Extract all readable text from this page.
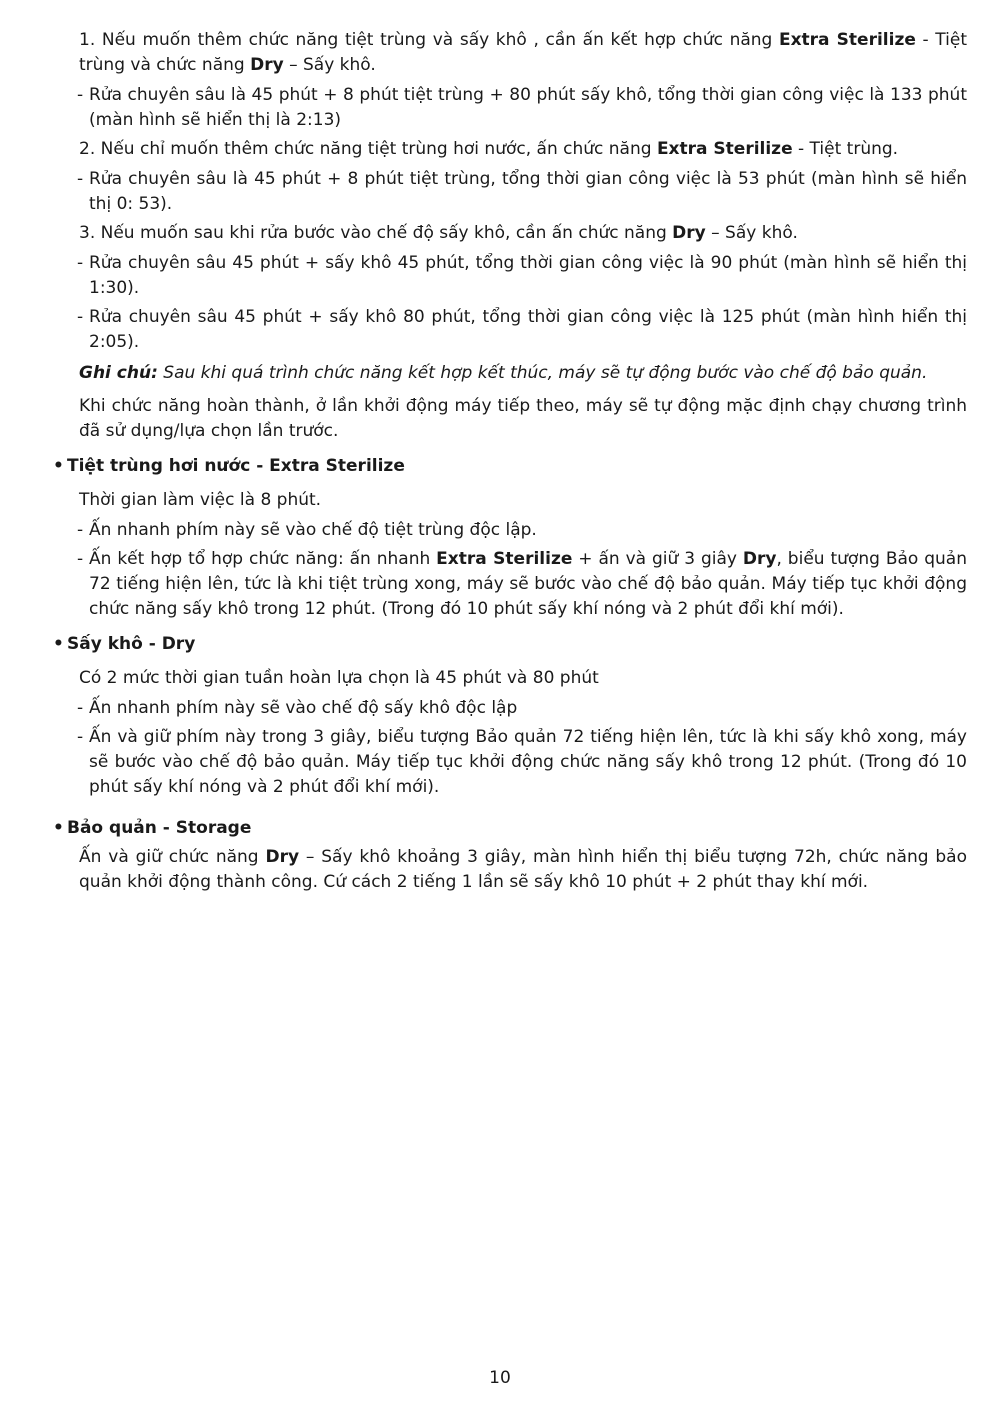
1. Nếu muốn thêm chức năng tiệt trùng và sấy khô , cần ấn kết hợp chức năng Extra Sterilize - Tiệt trùng và chức năng Dry – Sấy khô.

- Rửa chuyên sâu là 45 phút + 8 phút tiệt trùng + 80 phút sấy khô, tổng thời gian công việc là 133 phút (màn hình sẽ hiển thị là 2:13)

2. Nếu chỉ muốn thêm chức năng tiệt trùng hơi nước, ấn chức năng Extra Sterilize - Tiệt trùng.

- Rửa chuyên sâu là 45 phút + 8 phút tiệt trùng, tổng thời gian công việc là 53 phút (màn hình sẽ hiển thị 0: 53).

3. Nếu muốn sau khi rửa bước vào chế độ sấy khô, cần ấn chức năng Dry – Sấy khô.

- Rửa chuyên sâu 45 phút + sấy khô 45 phút, tổng thời gian công việc là 90 phút (màn hình sẽ hiển thị 1:30).

- Rửa chuyên sâu 45 phút + sấy khô 80 phút, tổng thời gian công việc là 125 phút (màn hình hiển thị 2:05).

Ghi chú: Sau khi quá trình chức năng kết hợp kết thúc, máy sẽ tự động bước vào chế độ bảo quản.

Khi chức năng hoàn thành, ở lần khởi động máy tiếp theo, máy sẽ tự động mặc định chạy chương trình đã sử dụng/lựa chọn lần trước.

• Tiệt trùng hơi nước - Extra Sterilize

Thời gian làm việc là 8 phút.

- Ấn nhanh phím này sẽ vào chế độ tiệt trùng độc lập.

- Ấn kết hợp tổ hợp chức năng: ấn nhanh Extra Sterilize + ấn và giữ 3 giây Dry, biểu tượng Bảo quản 72 tiếng hiện lên, tức là khi tiệt trùng xong, máy sẽ bước vào chế độ bảo quản. Máy tiếp tục khởi động chức năng sấy khô trong 12 phút. (Trong đó 10 phút sấy khí nóng và 2 phút đổi khí mới).

• Sấy khô - Dry

Có 2 mức thời gian tuần hoàn lựa chọn là 45 phút và 80 phút

- Ấn nhanh phím này sẽ vào chế độ sấy khô độc lập

- Ấn và giữ phím này trong 3 giây, biểu tượng Bảo quản 72 tiếng hiện lên, tức là khi sấy khô xong, máy sẽ bước vào chế độ bảo quản. Máy tiếp tục khởi động chức năng sấy khô trong 12 phút. (Trong đó 10 phút sấy khí nóng và 2 phút đổi khí mới).

• Bảo quản - Storage

Ấn và giữ chức năng Dry – Sấy khô khoảng 3 giây, màn hình hiển thị biểu tượng 72h, chức năng bảo quản khởi động thành công. Cứ cách 2 tiếng 1 lần sẽ sấy khô 10 phút + 2 phút thay khí mới.

10
